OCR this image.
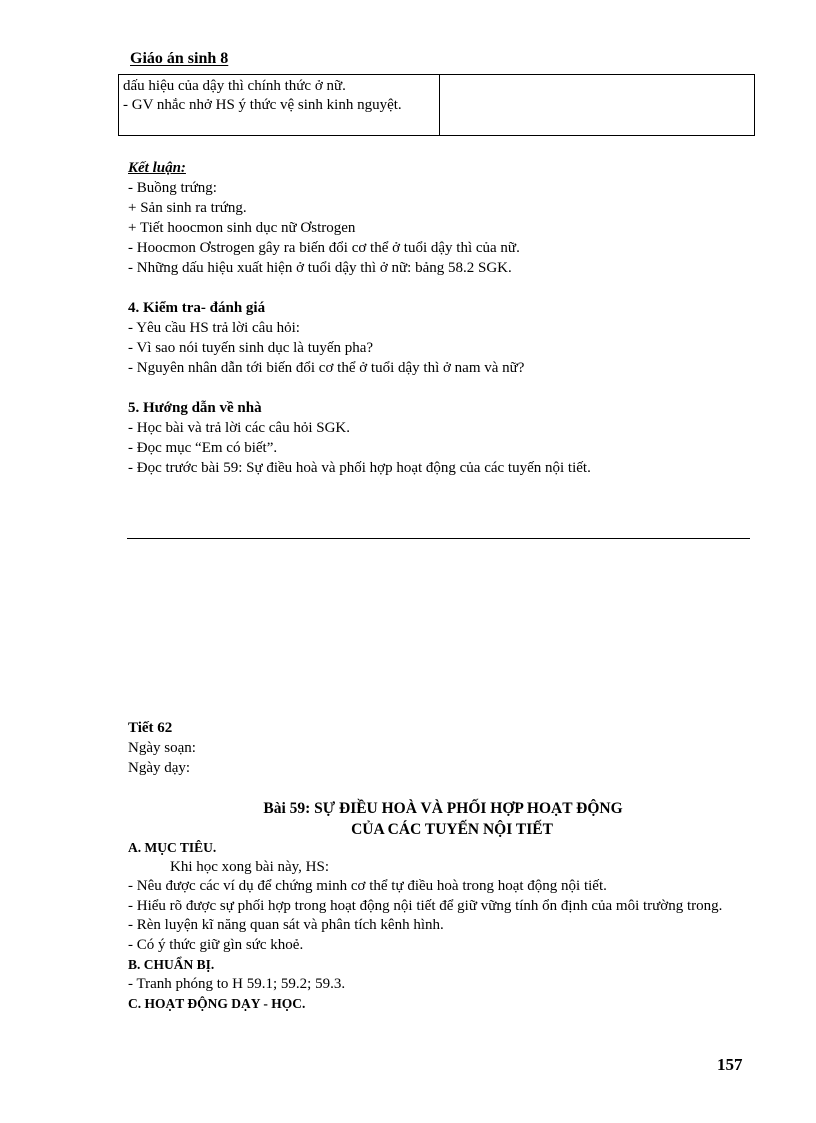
Giáo án sinh 8
dấu hiệu của dậy thì chính thức ở nữ.
- GV nhắc nhở HS ý thức vệ sinh kinh nguyệt.

Kết luận:
- Buồng trứng:
+ Sản sinh ra trứng.
+ Tiết hoocmon sinh dục nữ Ơstrogen
- Hoocmon Ơstrogen gây ra biến đổi cơ thể ở tuổi dậy thì của nữ.
- Những dấu hiệu xuất hiện ở tuổi dậy thì ở nữ: bảng 58.2 SGK.
4. Kiểm tra- đánh giá
- Yêu cầu HS trả lời câu hỏi:
- Vì sao nói tuyến sinh dục là tuyến pha?
- Nguyên nhân dẫn tới biến đổi cơ thể ở tuổi dậy thì ở nam và nữ?
5. Hướng dẫn về nhà
- Học bài và trả lời các câu hỏi SGK.
- Đọc mục “Em có biết”.
- Đọc trước bài 59: Sự điều hoà và phối hợp hoạt động của các tuyến nội tiết.
Tiết 62
Ngày soạn:
Ngày dạy:
Bài 59: SỰ ĐIỀU HOÀ VÀ PHỐI HỢP HOẠT ĐỘNG
CỦA CÁC TUYẾN NỘI TIẾT
A. MỤC TIÊU.
Khi học xong bài này, HS:
- Nêu được các ví dụ để chứng minh cơ thể tự điều hoà trong hoạt động nội tiết.
- Hiểu rõ được sự phối hợp trong hoạt động nội tiết để giữ vững tính ổn định của môi trường trong.
- Rèn luyện kĩ năng quan sát và phân tích kênh hình.
- Có ý thức giữ gìn sức khoẻ.
B. CHUẨN BỊ.
- Tranh phóng to H 59.1; 59.2; 59.3.
C. HOẠT ĐỘNG DẠY - HỌC.
157
